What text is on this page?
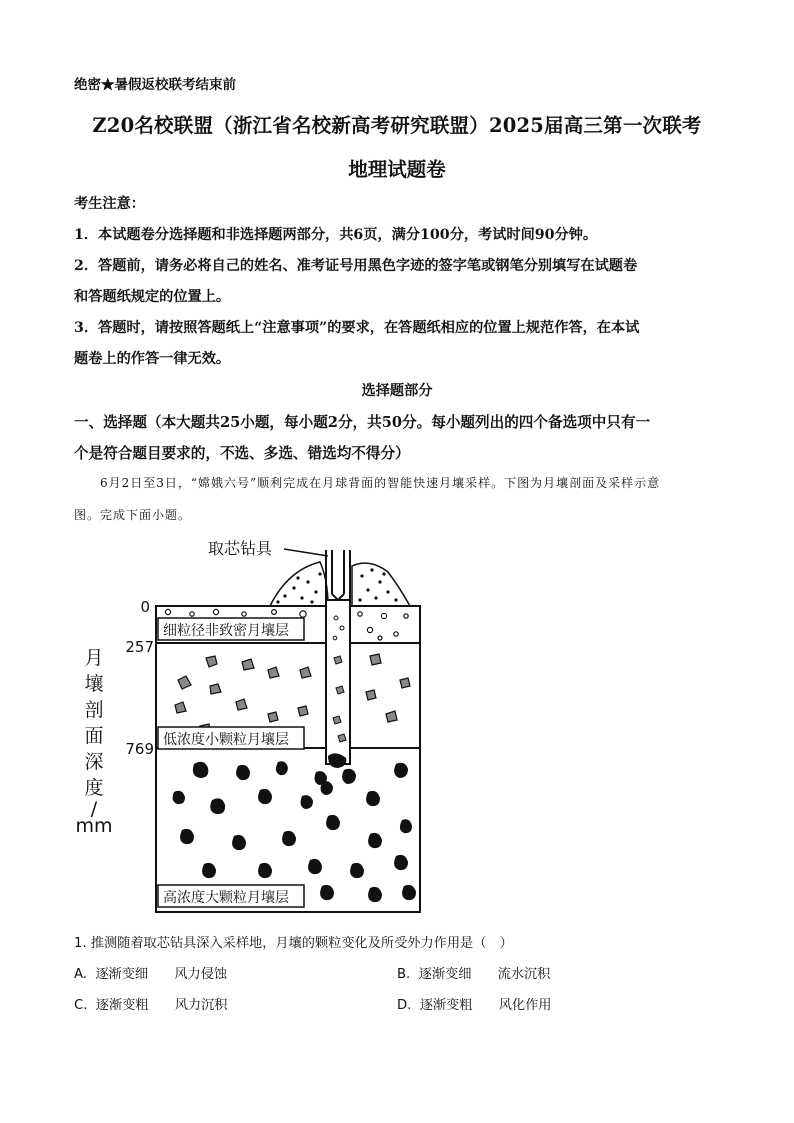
绝密★暑假返校联考结束前
Z20名校联盟（浙江省名校新高考研究联盟）2025届高三第一次联考
地理试题卷
考生注意：
1．本试题卷分选择题和非选择题两部分，共6页，满分100分，考试时间90分钟。
2．答题前，请务必将自己的姓名、准考证号用黑色字迹的签字笔或钢笔分别填写在试题卷
和答题纸规定的位置上。
3．答题时，请按照答题纸上“注意事项”的要求，在答题纸相应的位置上规范作答，在本试
题卷上的作答一律无效。
选择题部分
一、选择题（本大题共25小题，每小题2分，共50分。每小题列出的四个备选项中只有一
个是符合题目要求的，不选、多选、错选均不得分）
6月2日至3日，“嫦娥六号”顺利完成在月球背面的智能快速月壤采样。下图为月壤剖面及采样示意
图。完成下面小题。
取芯钻具
细粒径非致密月壤层
低浓度小颗粒月壤层
高浓度大颗粒月壤层
0
257
769
月
壤
剖
面
深
度
/
mm
1. 推测随着取芯钻具深入采样地，月壤的颗粒变化及所受外力作用是（　）
A. 逐渐变细 风力侵蚀	B. 逐渐变细 流水沉积
C. 逐渐变粗 风力沉积	D. 逐渐变粗 风化作用
